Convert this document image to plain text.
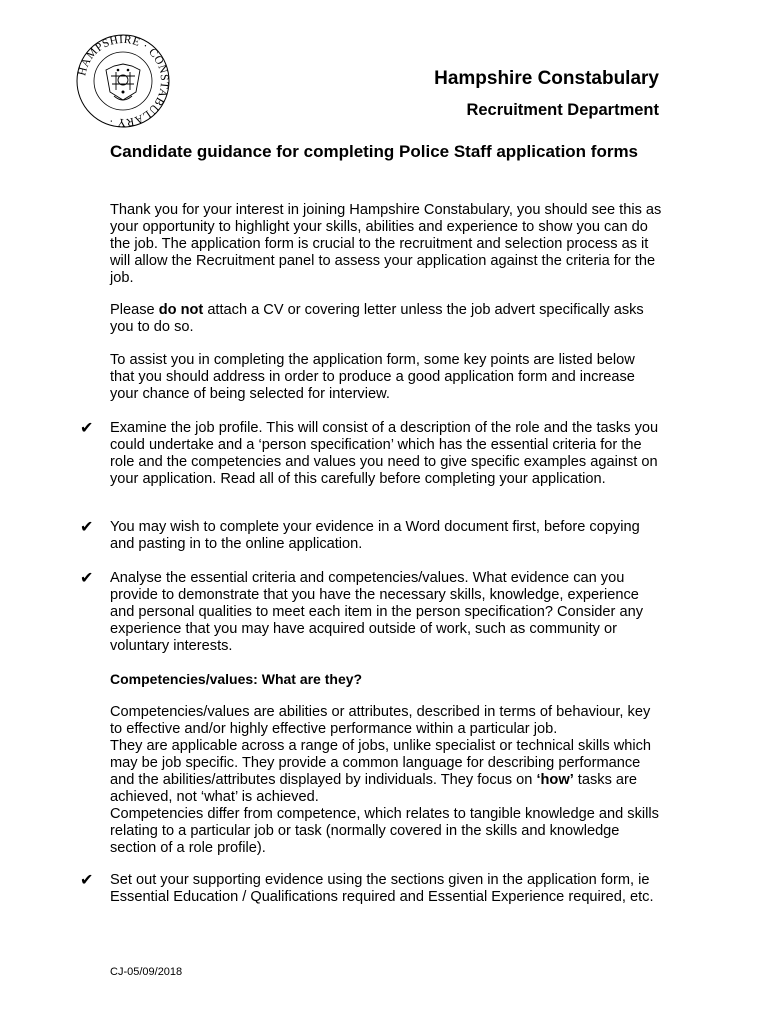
HAMPSHIRE · CONSTABULARY ·
Hampshire Constabulary
Recruitment Department
Candidate guidance for completing Police Staff application forms
Thank you for your interest in joining Hampshire Constabulary, you should see this as your opportunity to highlight your skills, abilities and experience to show you can do the job. The application form is crucial to the recruitment and selection process as it will allow the Recruitment panel to assess your application against the criteria for the job.
Please do not attach a CV or covering letter unless the job advert specifically asks you to do so.
To assist you in completing the application form, some key points are listed below that you should address in order to produce a good application form and increase your chance of being selected for interview.
✔ Examine the job profile. This will consist of a description of the role and the tasks you could undertake and a ‘person specification’ which has the essential criteria for the role and the competencies and values you need to give specific examples against on your application. Read all of this carefully before completing your application.
✔ You may wish to complete your evidence in a Word document first, before copying and pasting in to the online application.
✔ Analyse the essential criteria and competencies/values. What evidence can you provide to demonstrate that you have the necessary skills, knowledge, experience and personal qualities to meet each item in the person specification? Consider any experience that you may have acquired outside of work, such as community or voluntary interests.
Competencies/values: What are they?
Competencies/values are abilities or attributes, described in terms of behaviour, key to effective and/or highly effective performance within a particular job.
They are applicable across a range of jobs, unlike specialist or technical skills which may be job specific. They provide a common language for describing performance and the abilities/attributes displayed by individuals. They focus on ‘how’ tasks are achieved, not ‘what’ is achieved.
Competencies differ from competence, which relates to tangible knowledge and skills relating to a particular job or task (normally covered in the skills and knowledge section of a role profile).
✔ Set out your supporting evidence using the sections given in the application form, ie Essential Education / Qualifications required and Essential Experience required, etc.
CJ-05/09/2018
